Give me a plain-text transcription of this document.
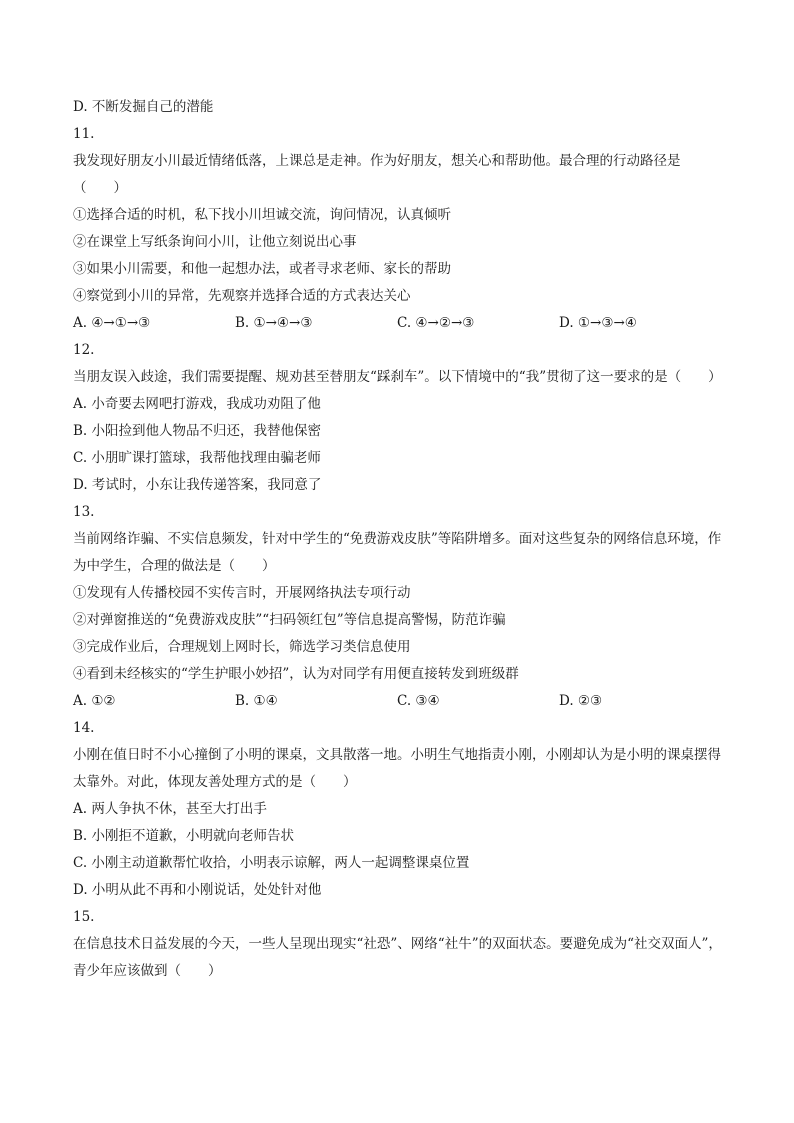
D. 不断发掘自己的潜能
11.
我发现好朋友小川最近情绪低落，上课总是走神。作为好朋友，想关心和帮助他。最合理的行动路径是（　　）
①选择合适的时机，私下找小川坦诚交流，询问情况，认真倾听
②在课堂上写纸条询问小川，让他立刻说出心事
③如果小川需要，和他一起想办法，或者寻求老师、家长的帮助
④察觉到小川的异常，先观察并选择合适的方式表达关心
A. ④→①→③	B. ①→④→③	C. ④→②→③	D. ①→③→④
12.
当朋友误入歧途，我们需要提醒、规劝甚至替朋友“踩刹车”。以下情境中的“我”贯彻了这一要求的是（　　）
A. 小奇要去网吧打游戏，我成功劝阻了他
B. 小阳捡到他人物品不归还，我替他保密
C. 小朋旷课打篮球，我帮他找理由骗老师
D. 考试时，小东让我传递答案，我同意了
13.
当前网络诈骗、不实信息频发，针对中学生的“免费游戏皮肤”等陷阱增多。面对这些复杂的网络信息环境，作为中学生，合理的做法是（　　）
①发现有人传播校园不实传言时，开展网络执法专项行动
②对弹窗推送的“免费游戏皮肤”“扫码领红包”等信息提高警惕，防范诈骗
③完成作业后，合理规划上网时长，筛选学习类信息使用
④看到未经核实的“学生护眼小妙招”，认为对同学有用便直接转发到班级群
A. ①②	B. ①④	C. ③④	D. ②③
14.
小刚在值日时不小心撞倒了小明的课桌，文具散落一地。小明生气地指责小刚，小刚却认为是小明的课桌摆得太靠外。对此，体现友善处理方式的是（　　）
A. 两人争执不休，甚至大打出手
B. 小刚拒不道歉，小明就向老师告状
C. 小刚主动道歉帮忙收拾，小明表示谅解，两人一起调整课桌位置
D. 小明从此不再和小刚说话，处处针对他
15.
在信息技术日益发展的今天，一些人呈现出现实“社恐”、网络“社牛”的双面状态。要避免成为“社交双面人”，青少年应该做到（　　）
